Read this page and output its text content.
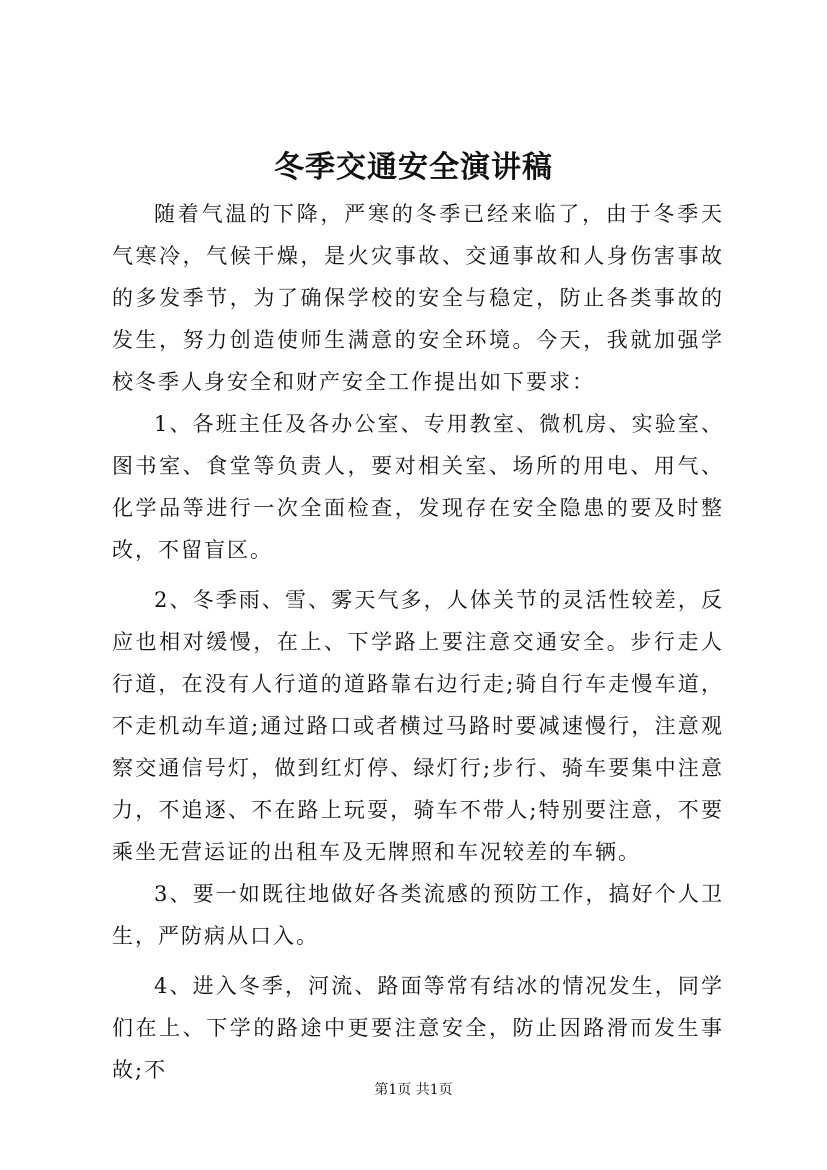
冬季交通安全演讲稿

随着气温的下降，严寒的冬季已经来临了，由于冬季天气寒冷，气候干燥，是火灾事故、交通事故和人身伤害事故的多发季节，为了确保学校的安全与稳定，防止各类事故的发生，努力创造使师生满意的安全环境。今天，我就加强学校冬季人身安全和财产安全工作提出如下要求：

1、各班主任及各办公室、专用教室、微机房、实验室、图书室、食堂等负责人，要对相关室、场所的用电、用气、化学品等进行一次全面检查，发现存在安全隐患的要及时整改，不留盲区。

2、冬季雨、雪、雾天气多，人体关节的灵活性较差，反应也相对缓慢，在上、下学路上要注意交通安全。步行走人行道，在没有人行道的道路靠右边行走;骑自行车走慢车道，不走机动车道;通过路口或者横过马路时要减速慢行，注意观察交通信号灯，做到红灯停、绿灯行;步行、骑车要集中注意力，不追逐、不在路上玩耍，骑车不带人;特别要注意，不要乘坐无营运证的出租车及无牌照和车况较差的车辆。

3、要一如既往地做好各类流感的预防工作，搞好个人卫生，严防病从口入。

4、进入冬季，河流、路面等常有结冰的情况发生，同学们在上、下学的路途中更要注意安全，防止因路滑而发生事故;不

第1页 共1页
